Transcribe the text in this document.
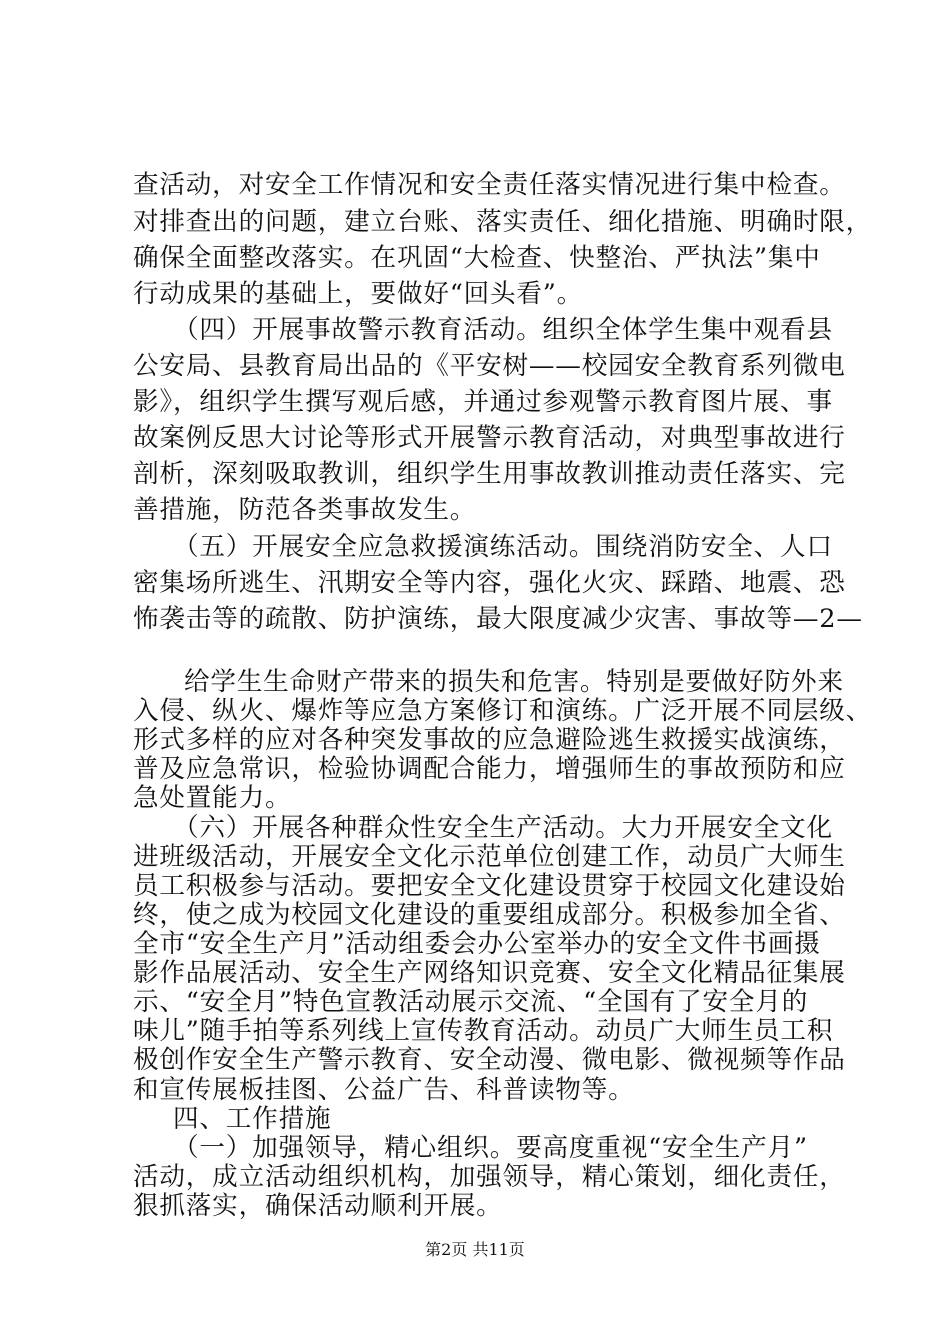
查活动，对安全工作情况和安全责任落实情况进行集中检查。
对排查出的问题，建立台账、落实责任、细化措施、明确时限，
确保全面整改落实。在巩固“大检查、快整治、严执法”集中
行动成果的基础上，要做好“回头看”。
（四）开展事故警示教育活动。组织全体学生集中观看县
公安局、县教育局出品的《平安树——校园安全教育系列微电
影》，组织学生撰写观后感，并通过参观警示教育图片展、事
故案例反思大讨论等形式开展警示教育活动，对典型事故进行
剖析，深刻吸取教训，组织学生用事故教训推动责任落实、完
善措施，防范各类事故发生。
（五）开展安全应急救援演练活动。围绕消防安全、人口
密集场所逃生、汛期安全等内容，强化火灾、踩踏、地震、恐
怖袭击等的疏散、防护演练，最大限度减少灾害、事故等—2—
给学生生命财产带来的损失和危害。特别是要做好防外来
入侵、纵火、爆炸等应急方案修订和演练。广泛开展不同层级、
形式多样的应对各种突发事故的应急避险逃生救援实战演练，
普及应急常识，检验协调配合能力，增强师生的事故预防和应
急处置能力。
（六）开展各种群众性安全生产活动。大力开展安全文化
进班级活动，开展安全文化示范单位创建工作，动员广大师生
员工积极参与活动。要把安全文化建设贯穿于校园文化建设始
终，使之成为校园文化建设的重要组成部分。积极参加全省、
全市“安全生产月”活动组委会办公室举办的安全文件书画摄
影作品展活动、安全生产网络知识竞赛、安全文化精品征集展
示、“安全月”特色宣教活动展示交流、“全国有了安全月的
味儿”随手拍等系列线上宣传教育活动。动员广大师生员工积
极创作安全生产警示教育、安全动漫、微电影、微视频等作品
和宣传展板挂图、公益广告、科普读物等。
四、工作措施
（一）加强领导，精心组织。要高度重视“安全生产月”
活动，成立活动组织机构，加强领导，精心策划，细化责任，
狠抓落实，确保活动顺利开展。
第2页 共11页
